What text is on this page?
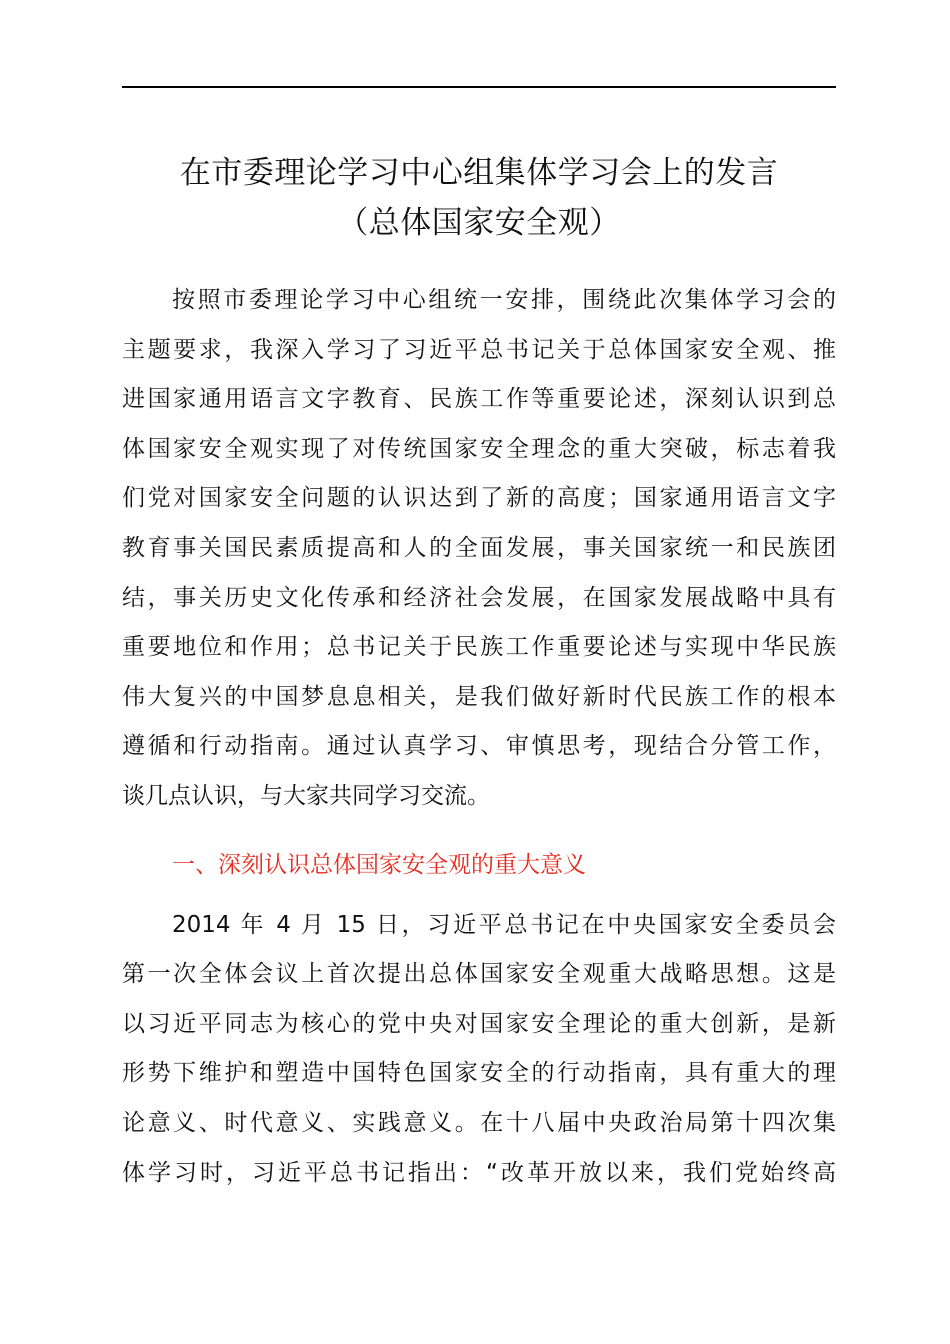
在市委理论学习中心组集体学习会上的发言
（总体国家安全观）
按照市委理论学习中心组统一安排，围绕此次集体学习会的
主题要求，我深入学习了习近平总书记关于总体国家安全观、推
进国家通用语言文字教育、民族工作等重要论述，深刻认识到总
体国家安全观实现了对传统国家安全理念的重大突破，标志着我
们党对国家安全问题的认识达到了新的高度；国家通用语言文字
教育事关国民素质提高和人的全面发展，事关国家统一和民族团
结，事关历史文化传承和经济社会发展，在国家发展战略中具有
重要地位和作用；总书记关于民族工作重要论述与实现中华民族
伟大复兴的中国梦息息相关，是我们做好新时代民族工作的根本
遵循和行动指南。通过认真学习、审慎思考，现结合分管工作，
谈几点认识，与大家共同学习交流。
一、深刻认识总体国家安全观的重大意义
2014 年 4 月 15 日，习近平总书记在中央国家安全委员会
第一次全体会议上首次提出总体国家安全观重大战略思想。这是
以习近平同志为核心的党中央对国家安全理论的重大创新，是新
形势下维护和塑造中国特色国家安全的行动指南，具有重大的理
论意义、时代意义、实践意义。在十八届中央政治局第十四次集
体学习时，习近平总书记指出：“改革开放以来，我们党始终高
